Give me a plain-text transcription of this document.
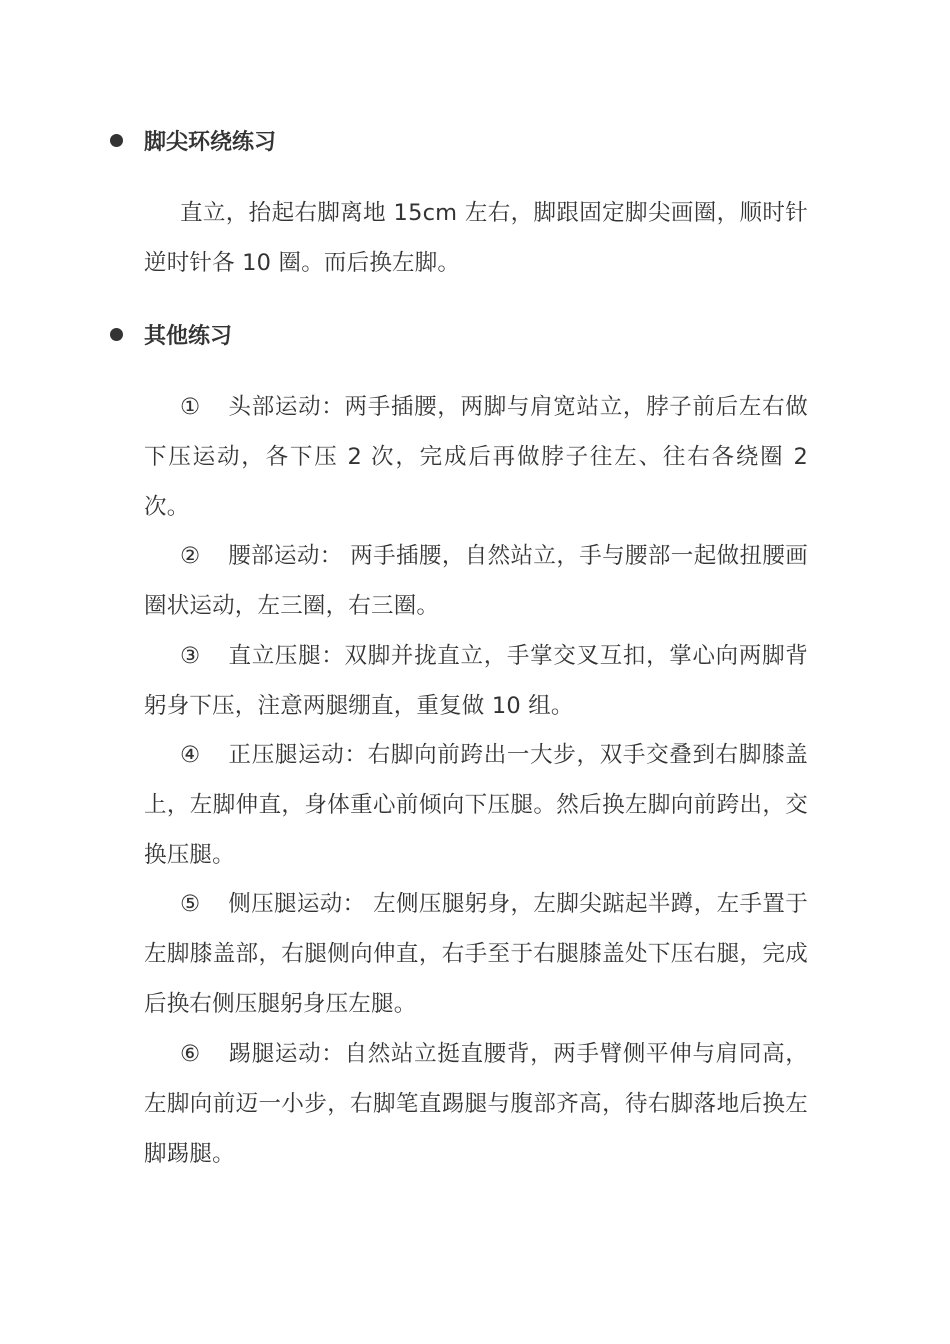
脚尖环绕练习

直立，抬起右脚离地 15cm 左右，脚跟固定脚尖画圈，顺时针逆时针各 10 圈。而后换左脚。

其他练习

① 头部运动：两手插腰，两脚与肩宽站立，脖子前后左右做下压运动，各下压 2 次，完成后再做脖子往左、往右各绕圈 2 次。

② 腰部运动： 两手插腰，自然站立，手与腰部一起做扭腰画圈状运动，左三圈，右三圈。

③ 直立压腿：双脚并拢直立，手掌交叉互扣，掌心向两脚背躬身下压，注意两腿绷直，重复做 10 组。

④ 正压腿运动：右脚向前跨出一大步，双手交叠到右脚膝盖上，左脚伸直，身体重心前倾向下压腿。然后换左脚向前跨出，交换压腿。

⑤ 侧压腿运动： 左侧压腿躬身，左脚尖踮起半蹲，左手置于左脚膝盖部，右腿侧向伸直，右手至于右腿膝盖处下压右腿，完成后换右侧压腿躬身压左腿。

⑥ 踢腿运动：自然站立挺直腰背，两手臂侧平伸与肩同高，左脚向前迈一小步，右脚笔直踢腿与腹部齐高，待右脚落地后换左脚踢腿。
